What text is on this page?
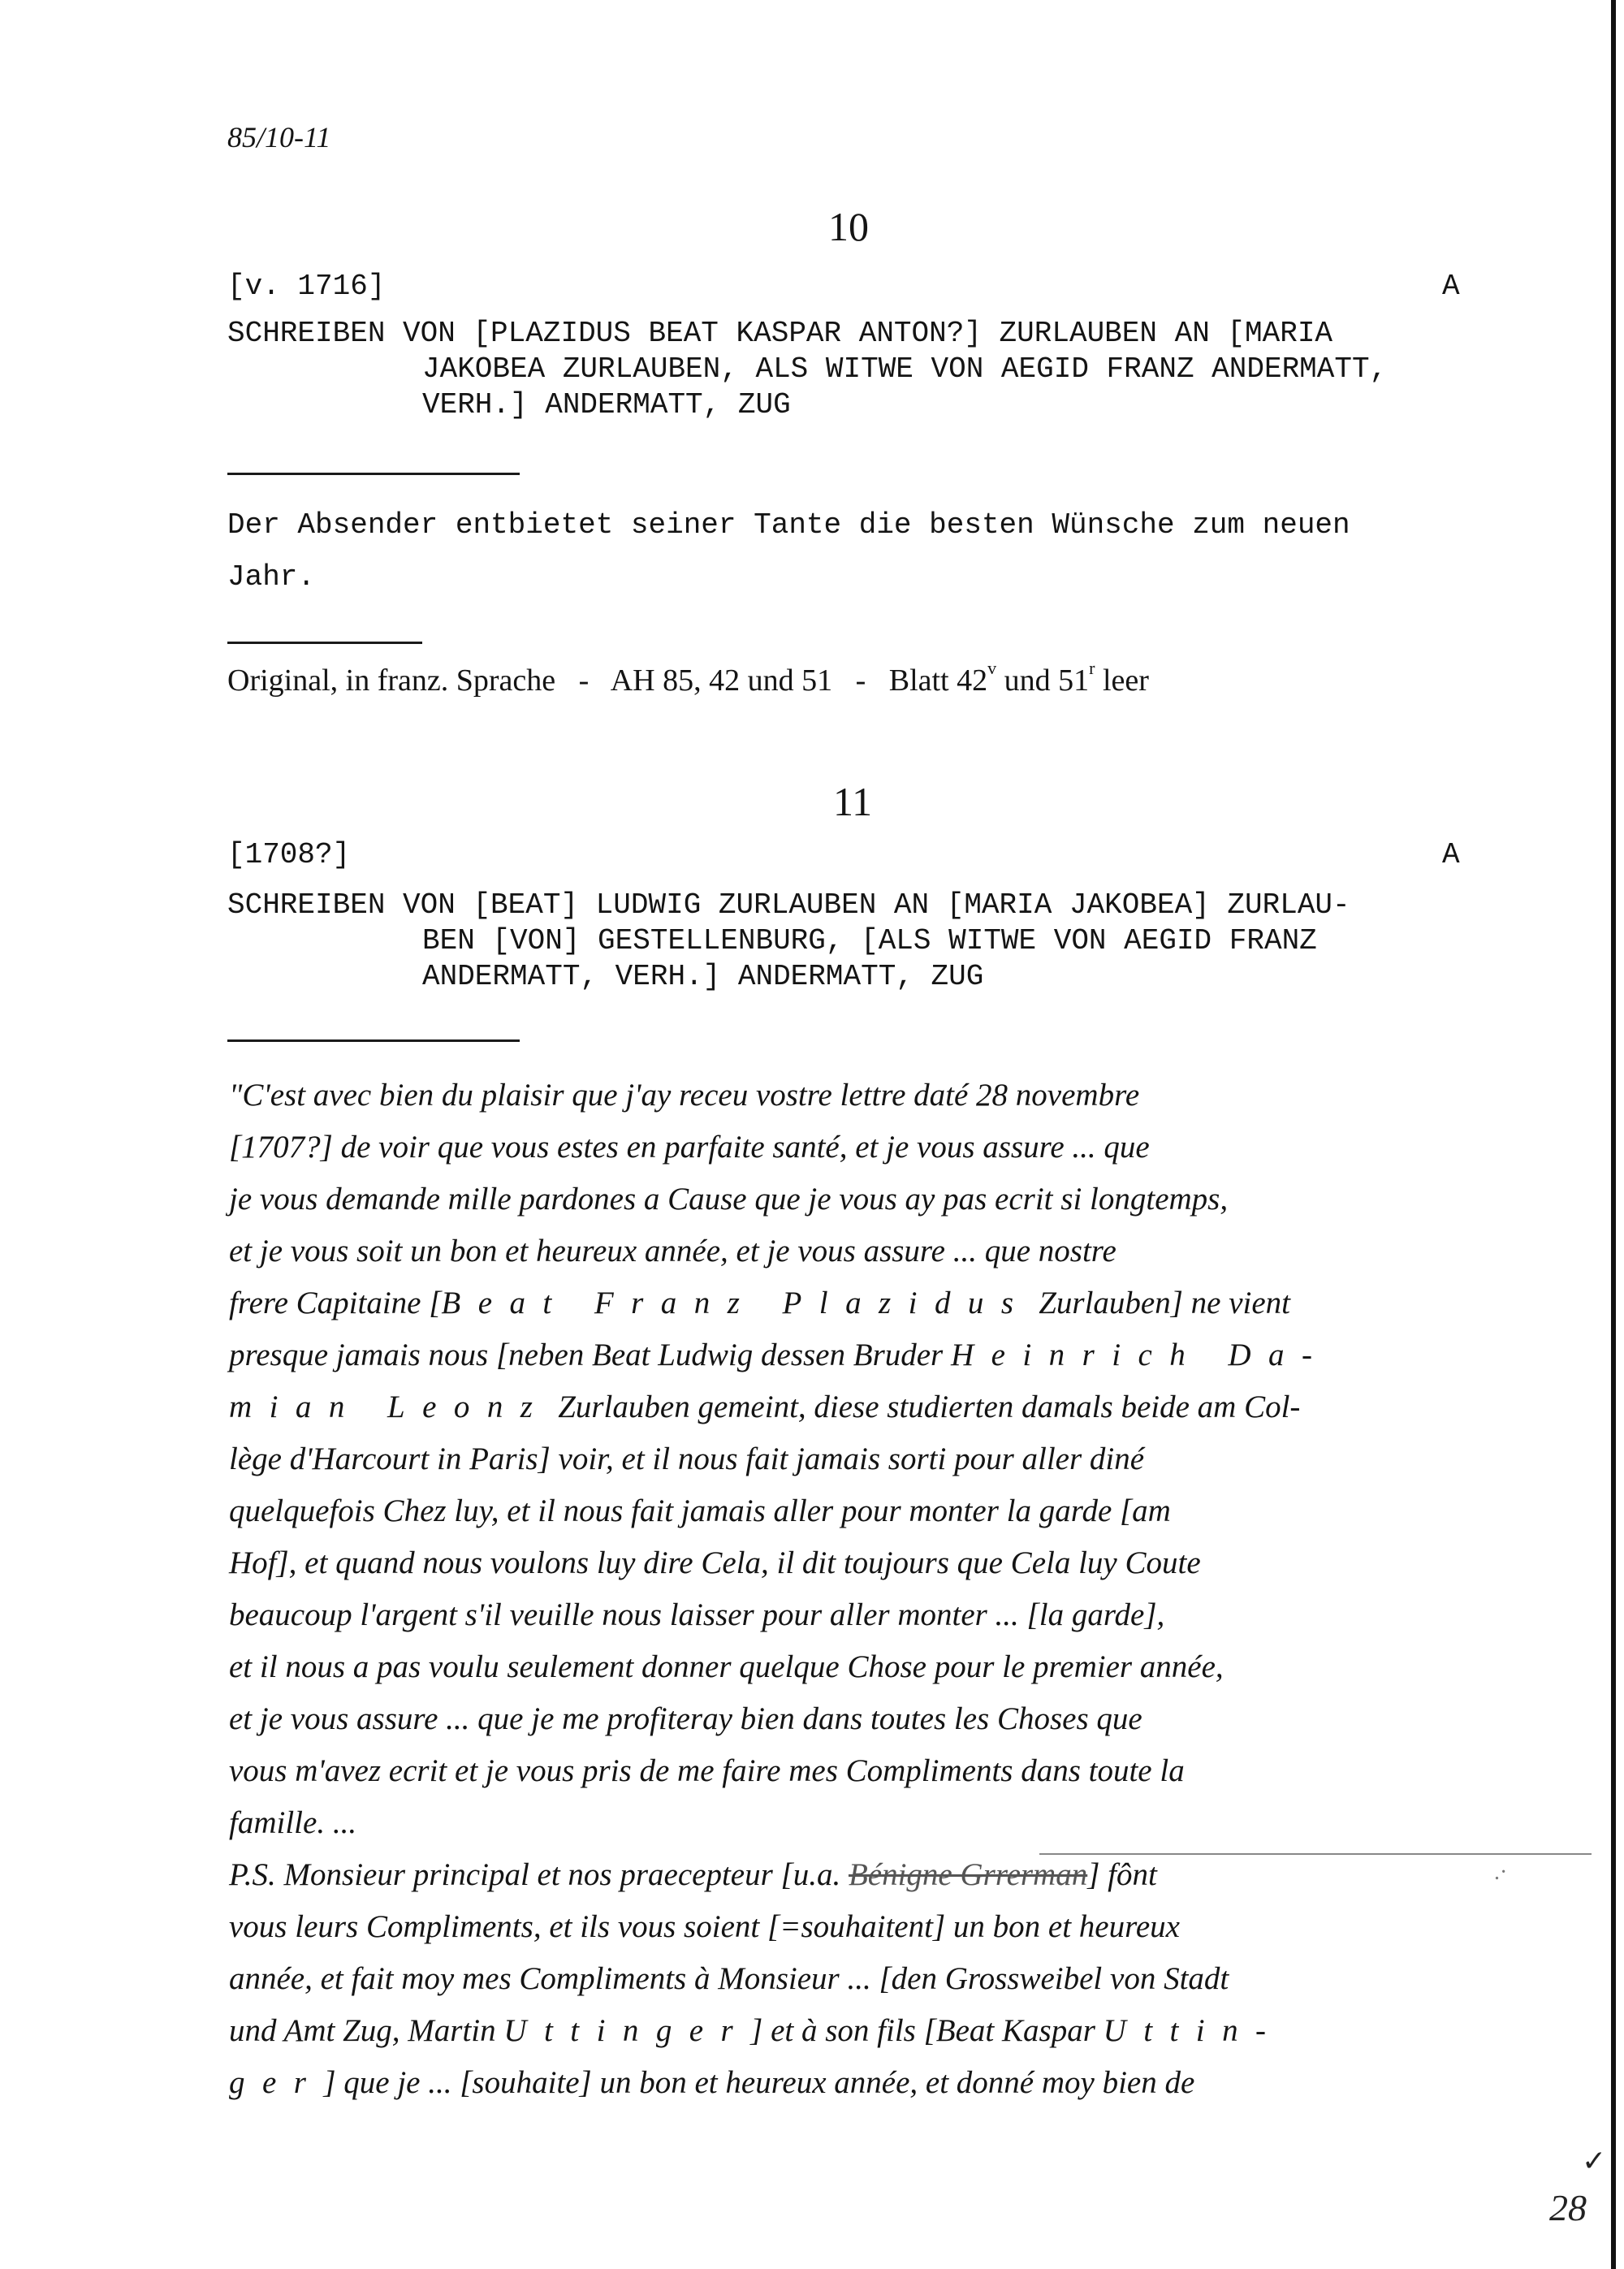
85/10-11
10
[v. 1716]	A
SCHREIBEN VON [PLAZIDUS BEAT KASPAR ANTON?] ZURLAUBEN AN [MARIA
JAKOBEA ZURLAUBEN, ALS WITWE VON AEGID FRANZ ANDERMATT,
VERH.] ANDERMATT, ZUG
Der Absender entbietet seiner Tante die besten Wünsche zum neuen
Jahr.
Original, in franz. Sprache   -   AH 85, 42 und 51   -   Blatt 42$^v$ und 51$^r$ leer
11
[1708?]	A
SCHREIBEN VON [BEAT] LUDWIG ZURLAUBEN AN [MARIA JAKOBEA] ZURLAU-
BEN [VON] GESTELLENBURG, [ALS WITWE VON AEGID FRANZ
ANDERMATT, VERH.] ANDERMATT, ZUG
"C'est avec bien du plaisir que j'ay receu vostre lettre daté 28 novembre
[1707?] de voir que vous estes en parfaite santé, et je vous assure ... que
je vous demande mille pardones a Cause que je vous ay pas ecrit si longtemps,
et je vous soit un bon et heureux année, et je vous assure ... que nostre
frere Capitaine [Beat Franz Plazidus Zurlauben] ne vient
presque jamais nous [neben Beat Ludwig dessen Bruder Heinrich Da-
mian Leonz Zurlauben gemeint, diese studierten damals beide am Col-
lège d'Harcourt in Paris] voir, et il nous fait jamais sorti pour aller diné
quelquefois Chez luy, et il nous fait jamais aller pour monter la garde [am
Hof], et quand nous voulons luy dire Cela, il dit toujours que Cela luy Coute
beaucoup l'argent s'il veuille nous laisser pour aller monter ... [la garde],
et il nous a pas voulu seulement donner quelque Chose pour le premier année,
et je vous assure ... que je me profiteray bien dans toutes les Choses que
vous m'avez ecrit et je vous pris de me faire mes Compliments dans toute la
famille. ...
P.S. Monsieur principal et nos praecepteur [u.a. Bénigne Grrerman] fônt	.·
vous leurs Compliments, et ils vous soient [=souhaitent] un bon et heureux
année, et fait moy mes Compliments à Monsieur ... [den Grossweibel von Stadt
und Amt Zug, Martin Uttinger] et à son fils [Beat Kaspar Uttin-
ger] que je ... [souhaite] un bon et heureux année, et donné moy bien de
✓
28
